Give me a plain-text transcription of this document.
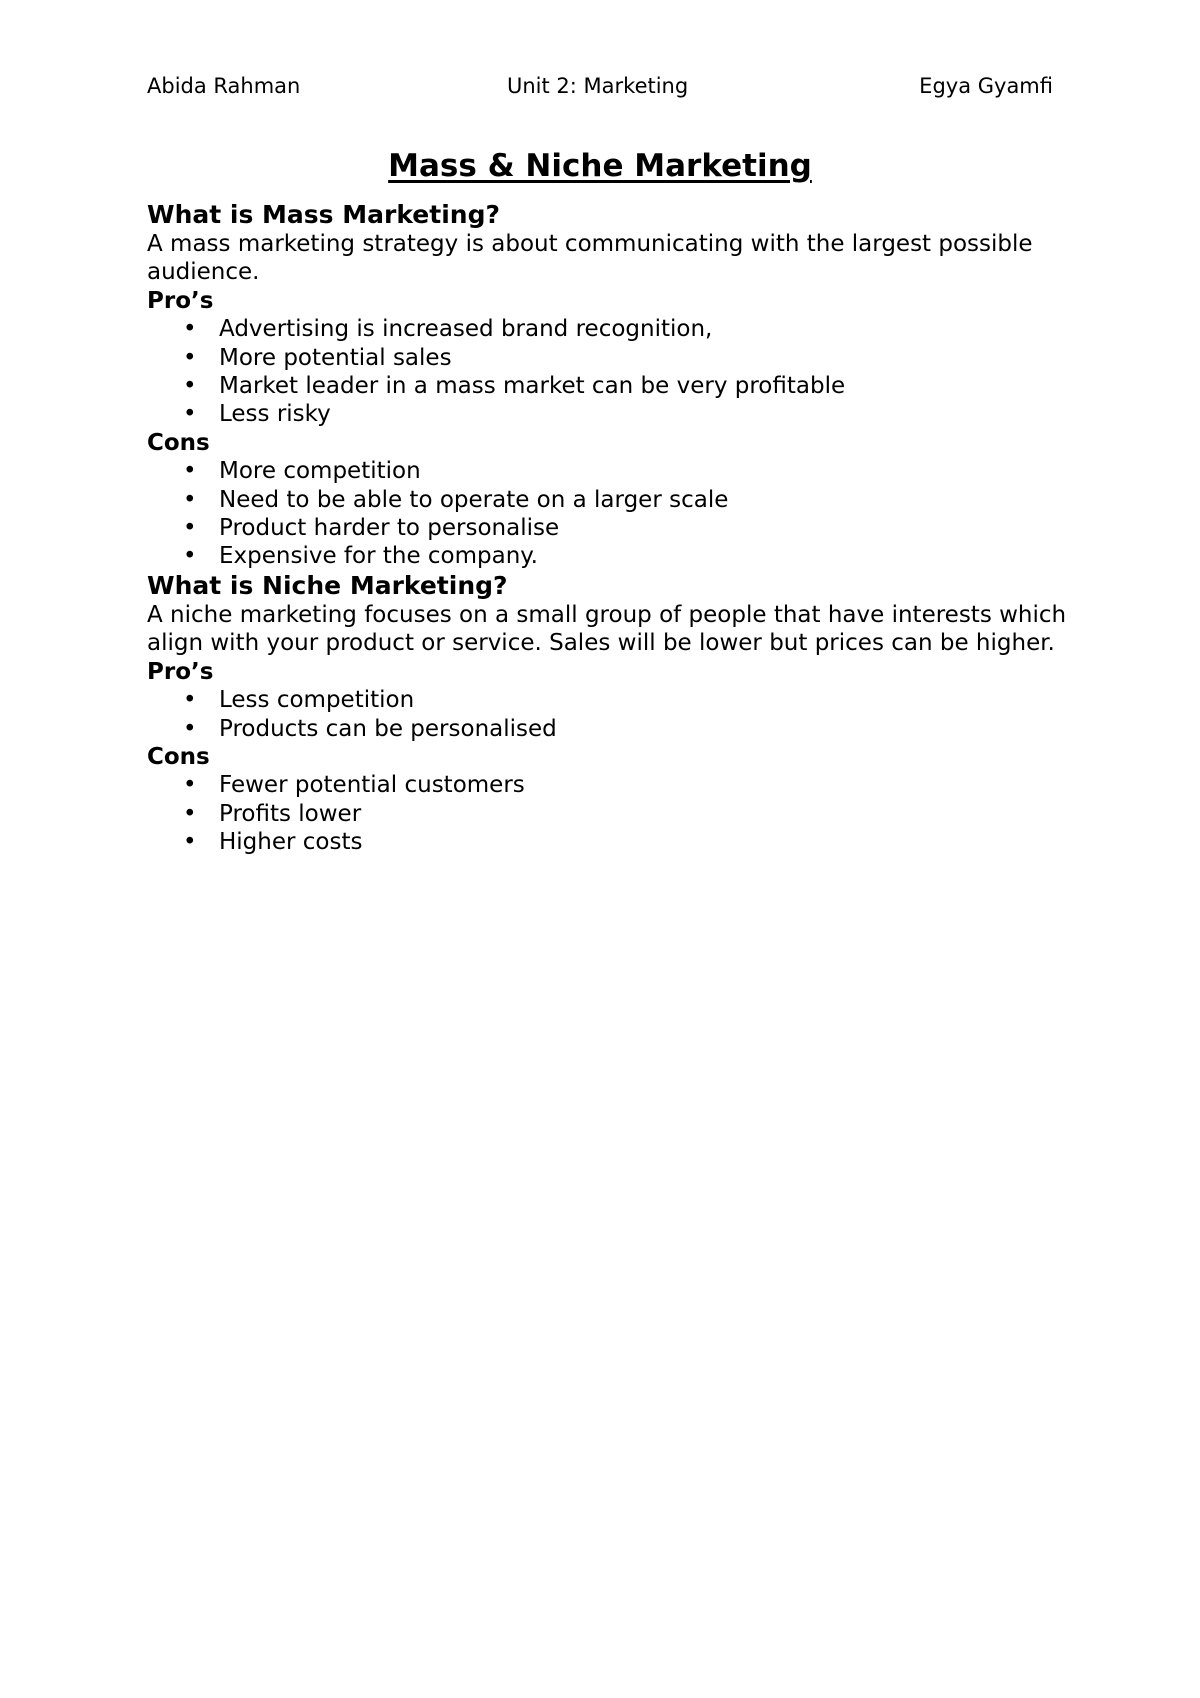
Abida Rahman	Unit 2: Marketing	Egya Gyamfi
Mass & Niche Marketing
What is Mass Marketing?

A mass marketing strategy is about communicating with the largest possible audience.

Pro’s
• Advertising is increased brand recognition,
• More potential sales
• Market leader in a mass market can be very profitable
• Less risky
Cons
• More competition
• Need to be able to operate on a larger scale
• Product harder to personalise
• Expensive for the company.
What is Niche Marketing?

A niche marketing focuses on a small group of people that have interests which align with your product or service. Sales will be lower but prices can be higher.

Pro’s
• Less competition
• Products can be personalised
Cons
• Fewer potential customers
• Profits lower
• Higher costs
